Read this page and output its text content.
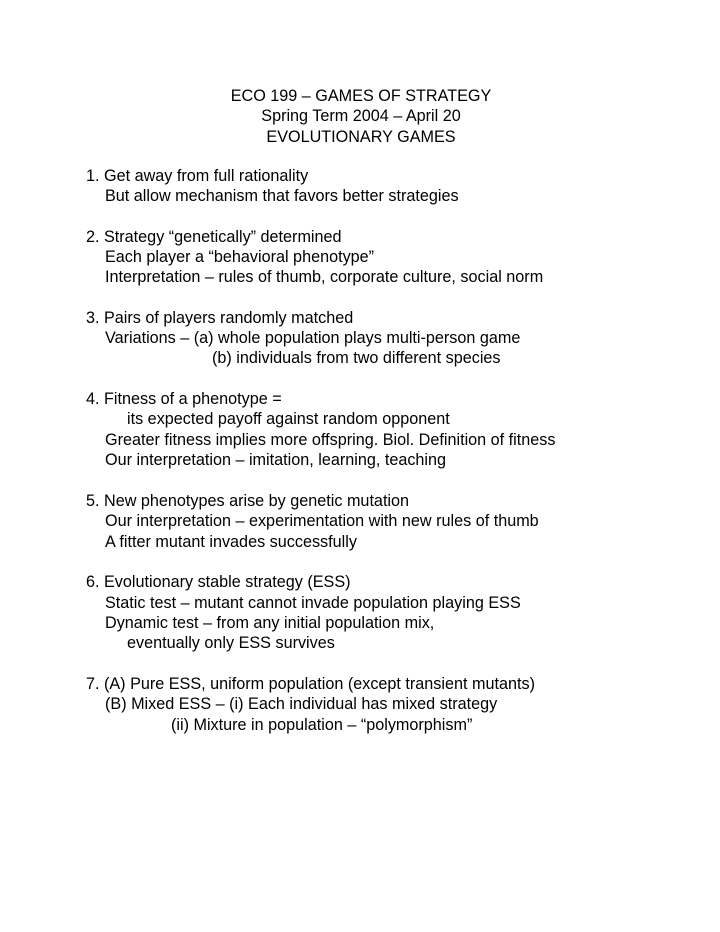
ECO 199 – GAMES OF STRATEGY
Spring Term 2004 – April 20
EVOLUTIONARY GAMES
1. Get away from full rationality
But allow mechanism that favors better strategies
2. Strategy “genetically” determined
Each player a “behavioral phenotype”
Interpretation – rules of thumb, corporate culture, social norm
3. Pairs of players randomly matched
Variations – (a) whole population plays multi-person game
(b) individuals from two different species
4. Fitness of a phenotype =
its expected payoff against random opponent
Greater fitness implies more offspring. Biol. Definition of fitness
Our interpretation – imitation, learning, teaching
5. New phenotypes arise by genetic mutation
Our interpretation – experimentation with new rules of thumb
A fitter mutant invades successfully
6. Evolutionary stable strategy (ESS)
Static test – mutant cannot invade population playing ESS
Dynamic test – from any initial population mix,
eventually only ESS survives
7. (A) Pure ESS, uniform population (except transient mutants)
(B) Mixed ESS – (i) Each individual has mixed strategy
(ii) Mixture in population – “polymorphism”
